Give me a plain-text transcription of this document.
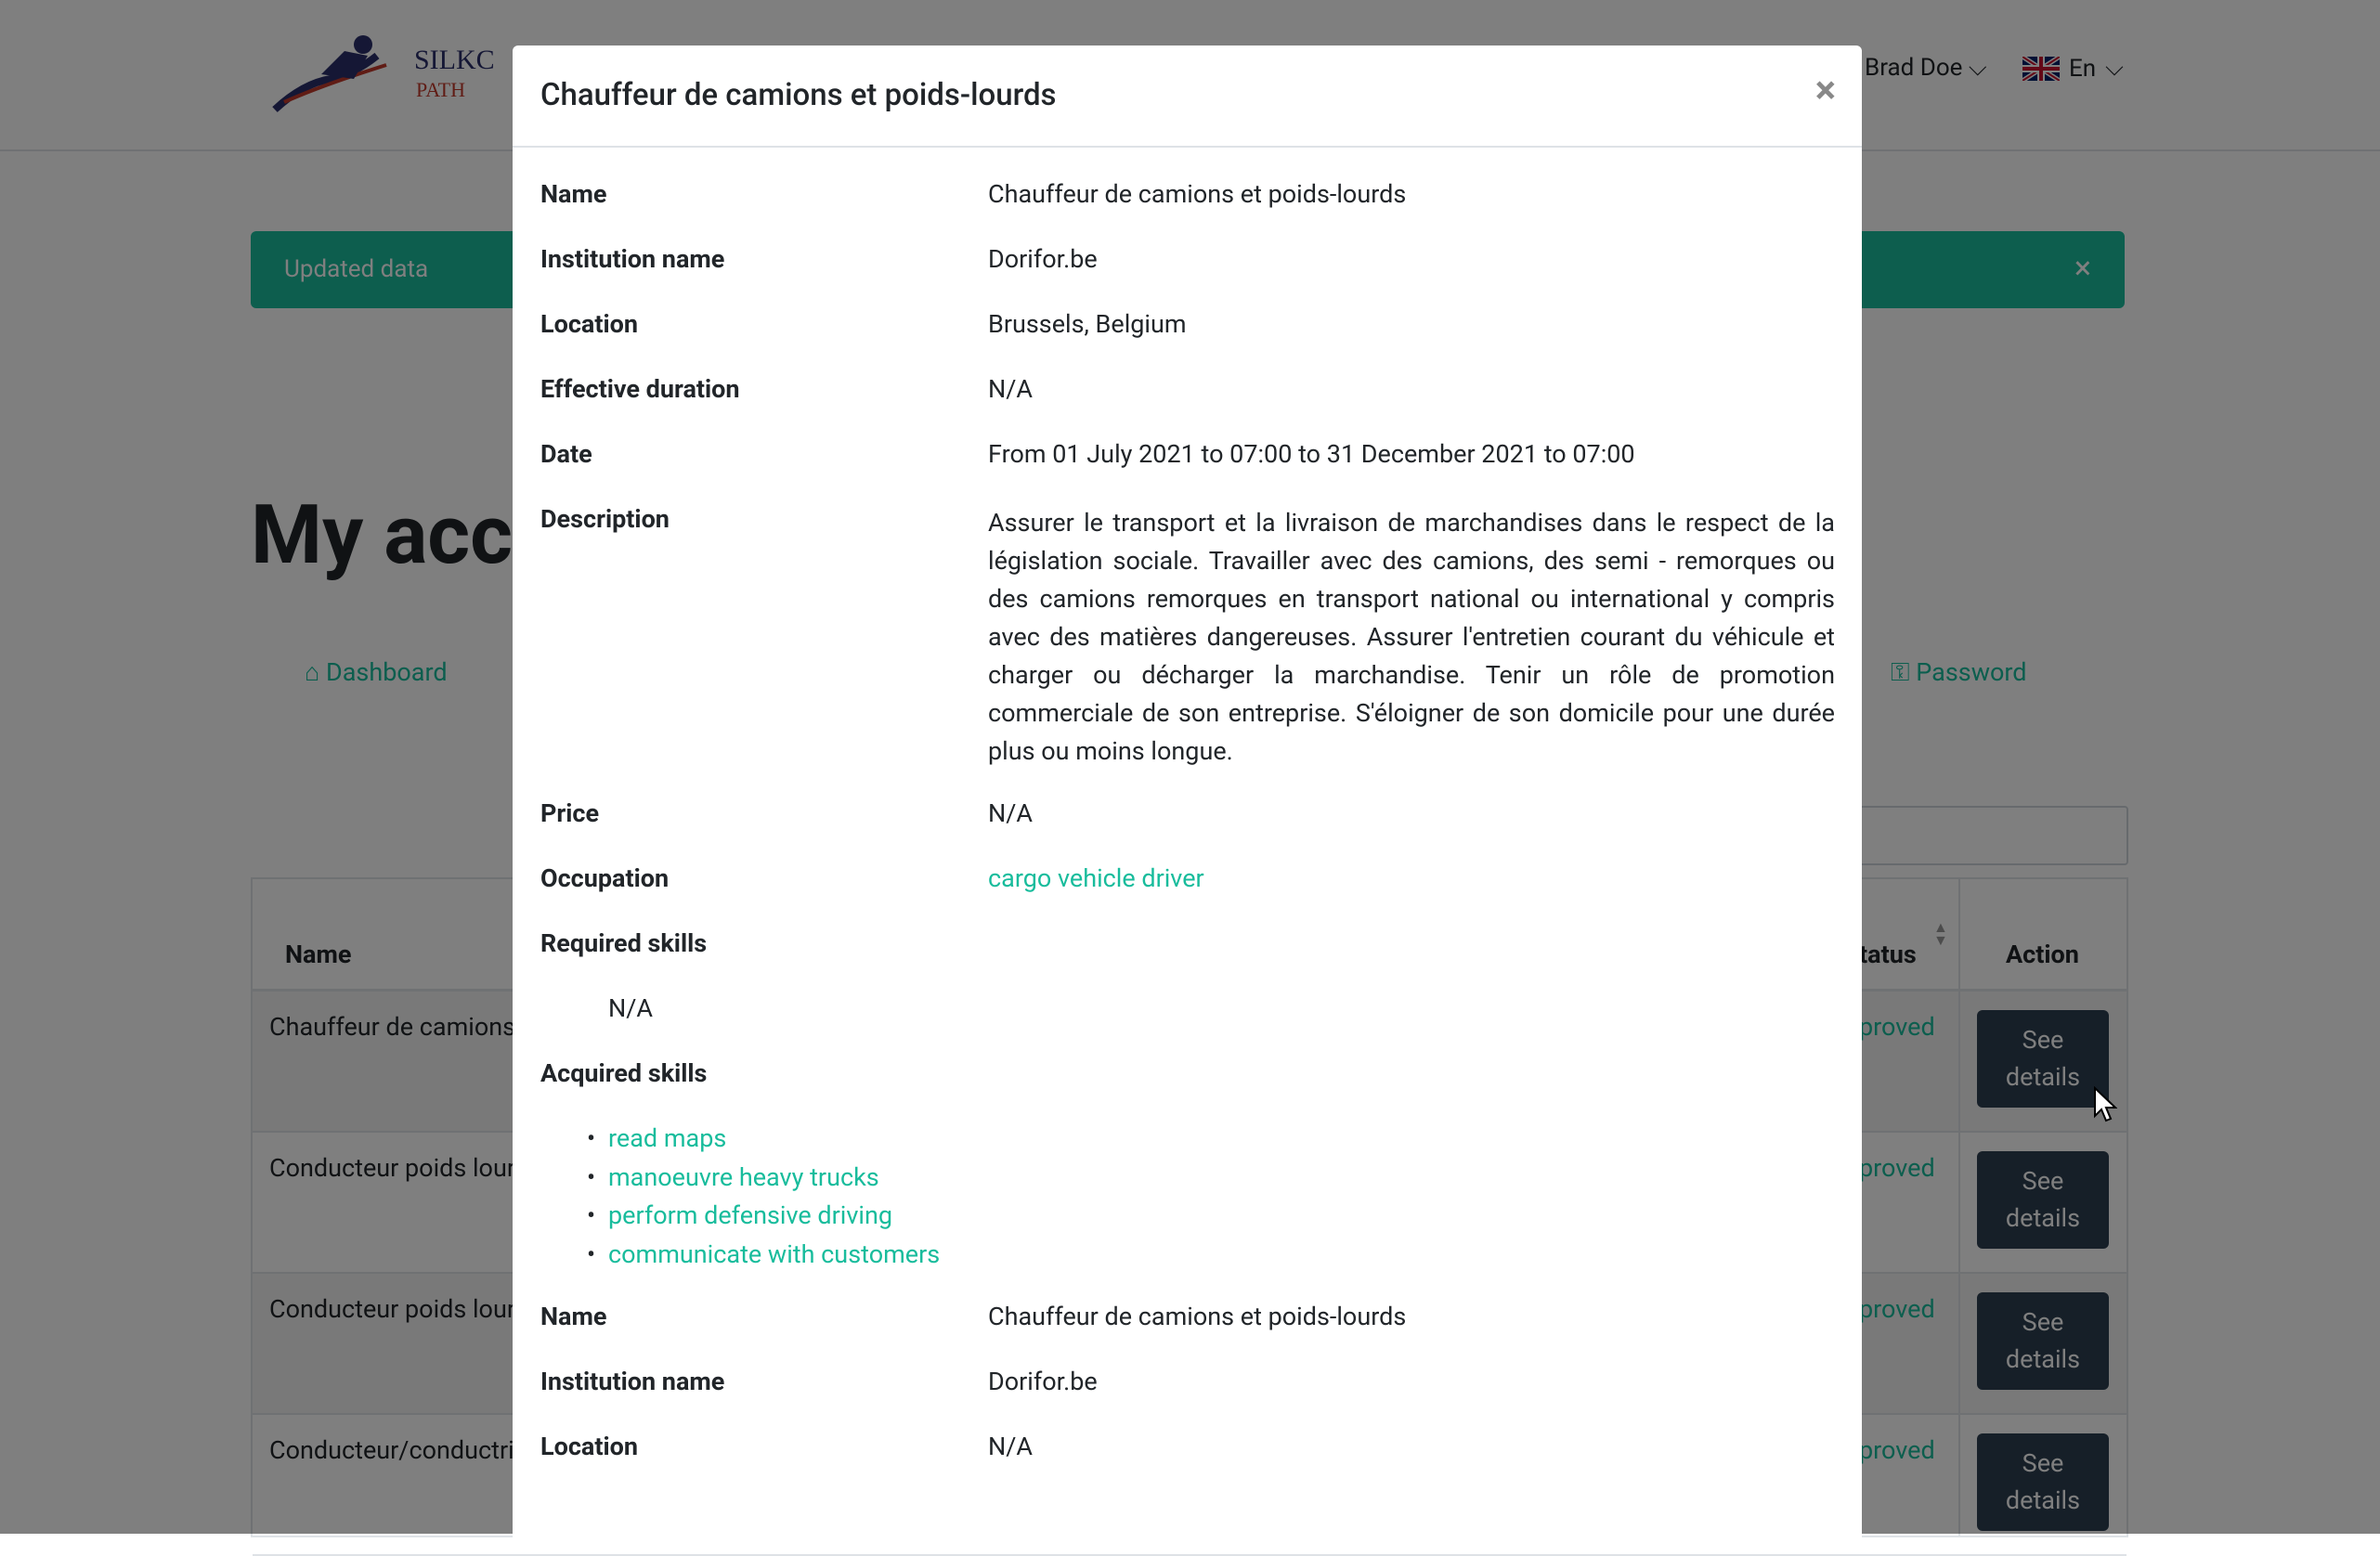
Chauffeur de camions et poids-lourds	×
Name	Chauffeur de camions et poids-lourds
Institution name	Dorifor.be
Location	Brussels, Belgium
Effective duration	N/A
Date	From 01 July 2021 to 07:00 to 31 December 2021 to 07:00
Description	Assurer le transport et la livraison de marchandises dans le respect de la législation sociale. Travailler avec des camions, des semi - remorques ou des camions remorques en transport national ou international y compris avec des matières dangereuses. Assurer l'entretien courant du véhicule et charger ou décharger la marchandise. Tenir un rôle de promotion commerciale de son entreprise. S'éloigner de son domicile pour une durée plus ou moins longue.
Price	N/A
Occupation	cargo vehicle driver
Required skills
N/A
Acquired skills
• read maps
• manoeuvre heavy trucks
• perform defensive driving
• communicate with customers
Name	Chauffeur de camions et poids-lourds
Institution name	Dorifor.be
Location	N/A
